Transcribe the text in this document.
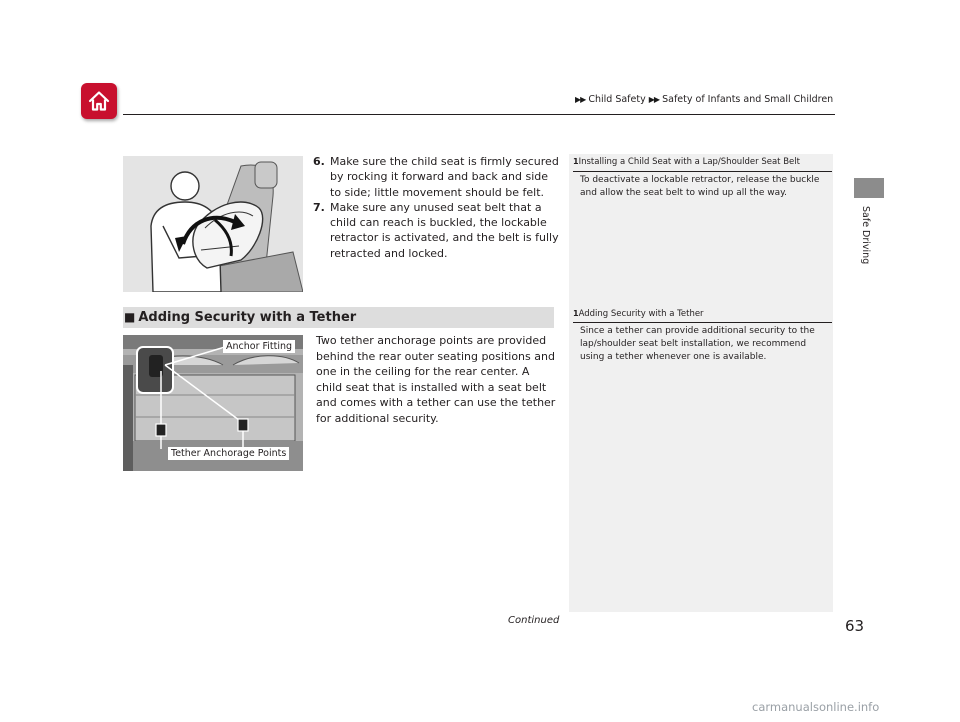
▶▶ Child Safety ▶▶ Safety of Infants and Small Children
Safe Driving

6. Make sure the child seat is firmly secured by rocking it forward and back and side to side; little movement should be felt.

7. Make sure any unused seat belt that a child can reach is buckled, the lockable retractor is activated, and the belt is fully retracted and locked.

■ Adding Security with a Tether
Anchor Fitting
Tether Anchorage Points
Two tether anchorage points are provided behind the rear outer seating positions and one in the ceiling for the rear center. A child seat that is installed with a seat belt and comes with a tether can use the tether for additional security.
1Installing a Child Seat with a Lap/Shoulder Seat Belt
To deactivate a lockable retractor, release the buckle and allow the seat belt to wind up all the way.
1Adding Security with a Tether
Since a tether can provide additional security to the lap/shoulder seat belt installation, we recommend using a tether whenever one is available.
Continued	63
carmanualsonline.info
